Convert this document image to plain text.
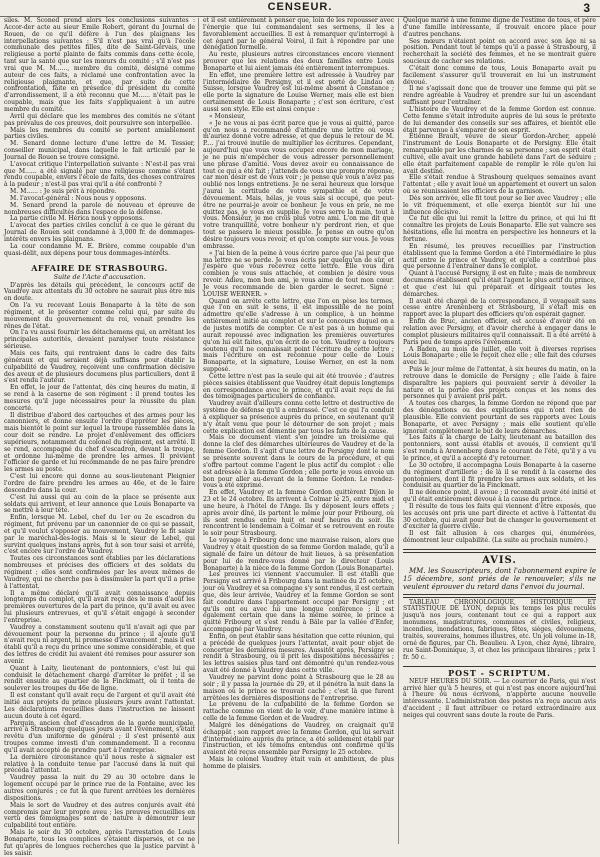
CENSEUR.	3

siles. M. Sconed prend alors les conclusions suivantes : Accor-der acte au sieur Emile Robert, gérant du Journal de Rouen, de ce qu'il défère à l'un des plaignans les interpellations suivantes : S'il n'est pas vrai qu'à l'école communale des petites filles, dite de Saint-Gervais, une religieuse a porté plainte de faits commis dans cette école, tant sur la santé que sur les mœurs du comité ; s'il n'est pas vrai que M. M......, membre du comité, désigné comme auteur de ces faits, a réclamé une confrontation avec la religieuse plaignante, et que, par suite de cette confrontation, faite en présence du président du comité d'arrondissement, il a été reconnu que M...... n'était pas le coupable, mais que les faits s'appliquaient à un autre membre du comité.

Avril qui déclare que les membres des comités ne s'étant pas prévalus de ces preuves, doit poursuivre son interpellée.

Mais les membres du comité se portent amiablement parties civiles.

M. Senard donne lecture d'une lettre de M. Tessier, conseiller municipal, dans laquelle le fait articulé par le Journal de Rouen se trouve consigné.

L'avocat critique l'interpellation suivante : N'est-il pas vrai que M...... a été signalé par une religieuse comme s'étant rendu coupable, envers l'école de faits, des choses contraires à la pudeur ; n'est-il pas vrai qu'il a été confronté ?

M. M...... : Je suis prêt à répondre.

M. l'avocat-général : Nous nous y opposons.

M. Senard prend la parole de nouveau et épreuve de nombreuses difficultés dans l'espace de la défense.

La partie civile M. Hérica nous y opposons.

L'avocat des parties civiles conclut à ce que le gérant du Journal de Rouen soit condamné à 3,000 fr. de dommages-intérêts envers les plaignans.

La cour condamne M. E. Brière, comme coupable d'un quasi-délit, aux dépens pour tous dommages-intérêts.

AFFAIRE DE STRASBOURG.
Suite de l'Acte d'accusation.

D'après les détails qui précèdent, le concours actif de Vaudrey aux attentats du 30 octobre ne saurait plus être mis en doute.

On l'a vu recevant Louis Bonaparte à la tête de son régiment, et le présenter comme celui qui, par suite du mouvement du gouvernement du roi, venait prendre les rênes de l'état.

On l'a vu aussi fournir les détachemens qui, en arrêtant les principales autorités, devaient paralyser toute résistance sérieuse.

Mais ces faits, qui rentraient dans le cadre des faits généraux et qui seraient déjà suffisans pour établir la culpabilité de Vaudrey, reçoivent une confirmation décisive des aveux et de plusieurs documens plus particuliers, dont il s'est rendu l'auteur.

En effet, le jour de l'attentat, dès cinq heures du matin, il se rend à la caserne de son régiment : il prend toutes les mesures qu'il juge nécessaires pour la réussite du plan concerté.

Il distribue d'abord des cartouches et des armes pour les canonniers, et donne ensuite l'ordre d'apprêter les pièces, mais bientôt le point sur lequel la troupe rassemblée dans la cour doit se rendre. Le projet d'enlèvement des officiers supérieurs, notamment du colonel du régiment, est arrêté. Il se rend, accompagné du chef d'escadron, devant la troupe, et ordonne lui-même de prendre les armes. Il prévient l'officier de garde et lui recommande de ne pas faire prendre les armes au poste.

C'est lui encore qui donne au sous-lieutenant Pleignier l'ordre de faire prendre les armes au 46e, et de le faire descendre dans la cour.

C'est lui aussi qui au coin de la place se présente aux soldats qui arrivent, et leur annonce que Louis Bonaparte va se mettre à leur tête.

Enfin, lorsque M. Lebel, chef du 1er ou 2e escadron du régiment, fut prévenu par un canonnier de ce qui se passait, et qu'il voulut s'opposer au mouvement, Vaudrey le fit saisir par le maréchal-des-logis. Mais si le sieur de Lebel, qui survint quelques instans après, fut à son tour saisi et arrêté, c'est encore sur l'ordre de Vaudrey.

Toutes ces circonstances sont établies par les déclarations nombreuses et précises des officiers et des soldats du régiment ; elles sont confirmées par les aveux mêmes de Vaudrey, qui ne cherche pas à dissimuler la part qu'il a prise à l'attentat.

Il a même déclaré qu'il avait connaissance depuis longtemps du complot, qu'il avait reçu dès le mois d'août les premières ouvertures de la part du prince, qu'il avait eu avec lui plusieurs entrevues, et qu'il s'était engagé à seconder l'entreprise.

Vaudrey a constamment soutenu qu'il n'avait agi que par dévouement pour la personne du prince ; il ajoute qu'il n'avait reçu ni argent, ni promesse d'avancement ; mais il est établi qu'il a reçu du prince une somme considérable, et que des lettres de crédit lui avaient été remises pour assurer son avenir.

Quant à Laity, lieutenant de pontonniers, c'est lui qui conduisit le détachement chargé d'arrêter le préfet ; il se rendit ensuite au quartier de la Finckmatt, où il tenta de soulever les troupes du 46e de ligne.

Il est constant qu'il avait reçu de l'argent et qu'il avait été initié aux projets du prince plusieurs jours avant l'attentat. Les déclarations recueillies dans l'instruction ne laissent aucun doute à cet égard.

Parquin, ancien chef d'escadron de la garde municipale, arrivé à Strasbourg quelques jours avant l'événement, s'était revêtu d'un uniforme de général ; il s'est présenté aux troupes comme investi d'un commandement. Il a reconnu qu'il avait accepté de prendre part à l'entreprise.

La dernière circonstance qu'il nous reste à signaler est relative à la conduite tenue par l'accusé dans la nuit qui précéda l'attentat.

Vaudrey passa la nuit du 29 au 30 octobre dans le logement occupé par le prince rue de la Fontaine, avec les autres conjurés ; ce fut là que furent arrêtées les dernières dispositions.

Mais le sort de Vaudrey et des autres conjurés avait été compromis par leur propre aveu ; les preuves recueillies en vertu des témoignages sont de nature à démontrer leur culpabilité tout entière.

Mais le soir du 30 octobre, après l'arrestation de Louis Bonaparte, tous les complices s'étaient dispersés, et ce ne fut qu'après de longues recherches que la justice parvint à les saisir.

et il est entièrement à penser que, loin de les repousser avec l'énergie que lui commandaient ses sermens, il les a favorablement accueillies. Il est à remarquer qu'interrogé à cet égard par le général Voirol, il fait à répondre par une dénégation formelle.

Au reste, plusieurs autres circonstances encore viennent prouver que les relations des deux familles entre Louis Bonaparte et lui aient jamais été entièrement interrompues.

En effet, une première lettre est adressée à Vaudrey par l'intermédiaire de Persigny, et il est porté de Lindau en Suisse, lorsque Vaudrey est lui-même absent à Constance ; elle porte la signature de Louise Werner, mais elle est bien certainement de Louis Bonaparte ; c'est son écriture, c'est aussi son style. Elle est ainsi conçue :

« Monsieur,

« Je ne vous ai pas écrit parce que je vous ai quitté, parce qu'on nous a recommandé d'attendre une lettre où vous m'auriez donné votre adresse, et que depuis le retour de M. P.... j'ai trouvé inutile de multiplier les écritures. Cependant, aujourd'hui que vous vous occupez encore de mon mariage, je ne puis m'empêcher de vous adresser personnellement une phrase d'amitié. Vous devez avoir eu connaissance de tout ce qui a été fait ; j'attends de vous une prompte réponse, car mon désir est de vous voir ; je pense que vous n'avez pas oublié nos longs entretiens. Je ne serai heureux que lorsque j'aurai la certitude de votre sympathie et de votre dévouement. Mais, hélas, je vous sais si occupé, que peut-être ne pourrai-je avoir ce bonheur. Je vous en prie, ne me quittez pas, je vous en supplie. Je vous serre la main, tout à vous. Monsieur, je me crois plus votre ami. L'on me dit que votre tranquillité, votre bonheur n'y perdront rien, et que tout se passera le mieux possible. Je pense en outre qu'on désire toujours vous revoir, et qu'on compte sur vous. Je vous embrasse.

« J'ai bien de la peine à vous écrire parce que j'ai peur que ma lettre ne se perde. Je vous écris par quelqu'un de sûr, et j'espère que vous recevrez cette lettre. Elle vous dira combien je vous suis attachée, et combien je désire vous revoir. Adieu, mon bon ami, je vous aime de tout mon cœur. Je vous recommande de bien garder le secret. Signé : LOUISE WERNER. »

Quand on arrête cette lettre, que l'on en pèse les termes, que l'on en suit le sens, il est impossible de ne point admettre qu'elle s'adresse à un complice, à un homme entièrement initié au complot et sur le concours duquel on a de justes motifs de compter. Ce n'est pas à un homme qui aurait repoussé avec indignation les premières ouvertures qu'on lui eût faites, qu'on écrit de ce ton. Vaudrey a toujours soutenu qu'il ne connaissait point l'écriture de cette lettre ; mais l'écriture en est reconnue pour celle de Louis Bonaparte, et la signature, Louise Werner, en est la nom supposé.

Cette lettre n'est pas la seule qui ait été trouvée ; d'autres pièces saisies établissent que Vaudrey était depuis longtemps en correspondance avec le prince, et qu'il avait reçu de lui des témoignages particuliers de confiance.

Vaudrey avait d'ailleurs connu cette lettre et destructive de système de défense qu'il a embrassé. C'est ce qui l'a conduit à expliquer sa présence auprès du prince, en soutenant qu'il n'y était venu que pour le détourner de son projet ; mais cette explication est démentie par tous les faits de la cause.

Mais ce document vient s'en joindre un troisième qui donne la clef des démarches ultérieures de Vaudrey et de la femme Gordon. Il s'agit d'une lettre de Persigny dont le nom se présente souvent dans le cours de la procédure, et qui s'offre partout comme l'agent le plus actif du complot : elle est adressée à la femme Gordon ; elle porte je vous envoie un bon pour aller au-devant de la femme Gordon. Le rendez-vous a été exprimé.

En effet, Vaudrey et la femme Gordon quittèrent Dijon le 23 et le 24 octobre. Ils arrivent à Colmar le 25, entre midi et une heure, à l'hôtel de l'Ange. Ils y déposent leurs effets ; après avoir dîné, ils partent le même jour pour Fribourg, où ils sont rendus entre huit et neuf heures du soir. Ils rencontrent le lendemain à Colmar et se retrouvent en route le soir pour Strasbourg.

Le voyage à Fribourg donc une mauvaise raison, alors que Vaudrey y était question de sa femme Gordon malade, qu'il a signalé de faire un détour de huit lieues, à sa présentation pour lui de rendre-vous donné par le directeur (Louis Bonaparte) à la nièce de la femme Gordon (Louis Bonaparte).

Les preuves ici viennent s'accumuler. Il est établi que Persigny est arrivé à Fribourg dans la matinée du 25 octobre, jour où Vaudrey et sa compagne s'y sont rendus, il est certain que, dès leur arrivée, Vaudrey et la femme Gordon se sont fait conduire dans l'appartement occupé par Persigny ; et qu'ils ont eu avec lui une longue conférence ; il est également certain que dans la même soirée, le prince a quitté Fribourg et s'est rendu à Bâle par la vallée d'Enfer, accompagné par Vaudrey.

Enfin, on peut établir sans hésitation que cette réunion, qui a précédé de quelques jours l'attentat, avait pour objet de concerter les dernières mesures. Aussitôt après, Persigny se rendit à Strasbourg, où il prit les dispositions nécessaires ; les lettres saisies plus tard ont démontré qu'un rendez-vous avait été donné à Vaudrey dans cette ville.

Vaudrey ne parvint donc point à Strasbourg que le 28 au soir ; il y passa la journée du 29, et il pénétra la nuit dans la maison où le prince se trouvait caché ; c'est là que furent arrêtées les dernières dispositions de l'entreprise.

Le prévenu de la culpabilité de la femme Gordon se rattache comme on vient de le voir, d'une manière intime à celle de la femme Gordon et de Vaudrey.

Malgré les dénégations de Vaudrey, on craignait qu'il échappât ; son rapport avec la femme Gordon, qui lui servait d'intermédiaire auprès du prince, a été solidement établi par l'instruction, et les témoins entendus ont confirmé qu'ils avaient été reçus ensemble par Persigny le 25 octobre.

Mais le colonel Vaudrey était vain et ambitieux, de plus homme de plaisirs.

Quelque marié à une femme digne de l'estime de tous, et père d'une famille intéressante, il trouvait encore place pour d'autres penchans.

Ses mœurs n'étaient point en accord avec son âge ni sa position. Pendant tout le temps qu'il a passé à Strasbourg, il recherchait la société des femmes, et ne se montrait guère soucieux de cacher ses relations.

C'était donc comme de tous, Louis Bonaparte avait pu facilement s'assurer qu'il trouverait en lui un instrument dévoué.

Il ne s'agissait donc que de trouver une femme qui pût se rendre agréable à Vaudrey et prendre sur lui un ascendant suffisant pour l'entraîner.

L'histoire de Vaudrey et de la femme Gordon est connue. Cette femme s'était introduite auprès de lui sous le prétexte de lui demander des conseils sur ses affaires, et bientôt elle était parvenue à s'emparer de son esprit.

Étienne Brault, veuve de sieur Gordon-Archer, appelé l'instrument de Louis Bonaparte et de Persigny. Elle était remarquable par les charmes de sa personne ; son esprit était cultivé, elle avait une grande habileté dans l'art de séduire ; elle était parfaitement capable de remplir le rôle qu'on lui avait destiné.

Elle s'était rendue à Strasbourg quelques semaines avant l'attentat ; elle y avait loué un appartement et ouvert un salon où se réunissaient les officiers de la garnison.

Dès son arrivée, elle fit tout pour se lier avec Vaudrey ; elle le vit fréquemment, et elle exerça bientôt sur lui une influence décisive.

Ce fut elle qui lui remit la lettre du prince, et qui lui fit connaître les projets de Louis Bonaparte. Elle sut vaincre ses hésitations, elle lui montra en perspective les honneurs et la fortune.

En résumé, les preuves recueillies par l'instruction établissent que la femme Gordon a été l'intermédiaire le plus actif entre le prince et Vaudrey, et qu'elle a contribué plus que personne à l'entraîner dans le complot.

Quant à l'accusé Persigny, il est en fuite ; mais de nombreux documens établissent qu'il était l'agent le plus actif du prince, et que c'est lui qui préparait et dirigeait toutes les démarches.

Il avait été chargé de la correspondance, il voyageait sans cesse entre Arenenberg et Strasbourg, il s'était mis en rapport avec la plupart des officiers qu'on espérait gagner.

Enfin de Bruc, ancien officier, est accusé d'avoir été en relation avec Persigny, et d'avoir cherché à engager dans le complot plusieurs militaires qu'il connaissait. Il a été arrêté à Paris peu de temps après l'événement.

A Baden, au mois de juillet, elle voit à diverses reprises Louis Bonaparte ; elle le reçoit chez elle ; elle fait des courses avec lui.

Puis le jour même de l'attentat, à six heures du matin, on la retrouve dans le domicile de Persigny ; elle l'aide à faire disparaître les papiers qui pouvaient servir à dévoiler la nature et la portée des projets conçus et les noms des personnes qui y avaient pris part.

A toutes ces charges, la femme Gordon ne répond que par des dénégations ou des explications qui n'ont rien de plausible. Elle convient pourtant de ses rapports avec Louis Bonaparte, et avec Persigny ; mais elle soutient qu'elle ignorait complètement le but de leurs démarches.

Les faits à la charge de Laity, lieutenant au bataillon des pontonniers, sont aussi établis et avoués, il convient qu'il s'est rendu à Arenenberg dans le courant de l'été, qu'il y a vu le prince, et qu'il a accepté d'y retourner.

Le 30 octobre, il accompagna Louis Bonaparte à la caserne du régiment d'artillerie ; de là il se rendit à la caserne des pontonniers, dont il fit prendre les armes aux soldats, et les conduisit au quartier de la Finckmatt.

Il ne dénonce point, il avoue ; il reconnaît avoir été initié et qu'il était entièrement dévoué à la cause du prince.

Il résulte de tous les faits qui viennent d'être exposés, que les accusés ont pris une part directe et active à l'attentat du 30 octobre, qui avait pour but de changer le gouvernement et d'exciter la guerre civile.

Il est fait allusion à ces charges qui, énumérées, démontrent leur culpabilité. (La suite au prochain numéro.)

AVIS.

MM. les Souscripteurs, dont l'abonnement expire le 15 décembre, sont priés de le renouveler, s'ils ne veulent éprouver du retard dans l'envoi du journal.

TABLEAU CHRONOLOGIQUE, HISTORIQUE ET STATISTIQUE DE LYON, depuis les temps les plus reculés jusqu'à nos jours, contenant tout ce qui a rapport aux monumens, magistratures, communes et civiles, religieux, incendies, inondations, fabriques, fêtes, sièges, dévouemens, traités, souverains, hommes illustres, etc. Un joli volume in-18, orné de figures, par Ch. Beaulieu. A Lyon, chez Ayné, libraire, rue Saint-Dominique, 3, et chez les principaux libraires ; prix 1 fr. 50 c.

POST - SCRIPTUM.

NEUF HEURES DU SOIR. — Le courrier de Paris, qui n'est arrivé hier qu'à 5 heures, et qui n'est pas encore aujourd'hui à l'heure où nous écrivons, n'apporte aucune nouvelle intéressante. L'administration des postes n'a reçu aucun avis d'accident ; il faut attribuer ce retard extraordinaire aux neiges qui couvrent sans doute la route de Paris.
